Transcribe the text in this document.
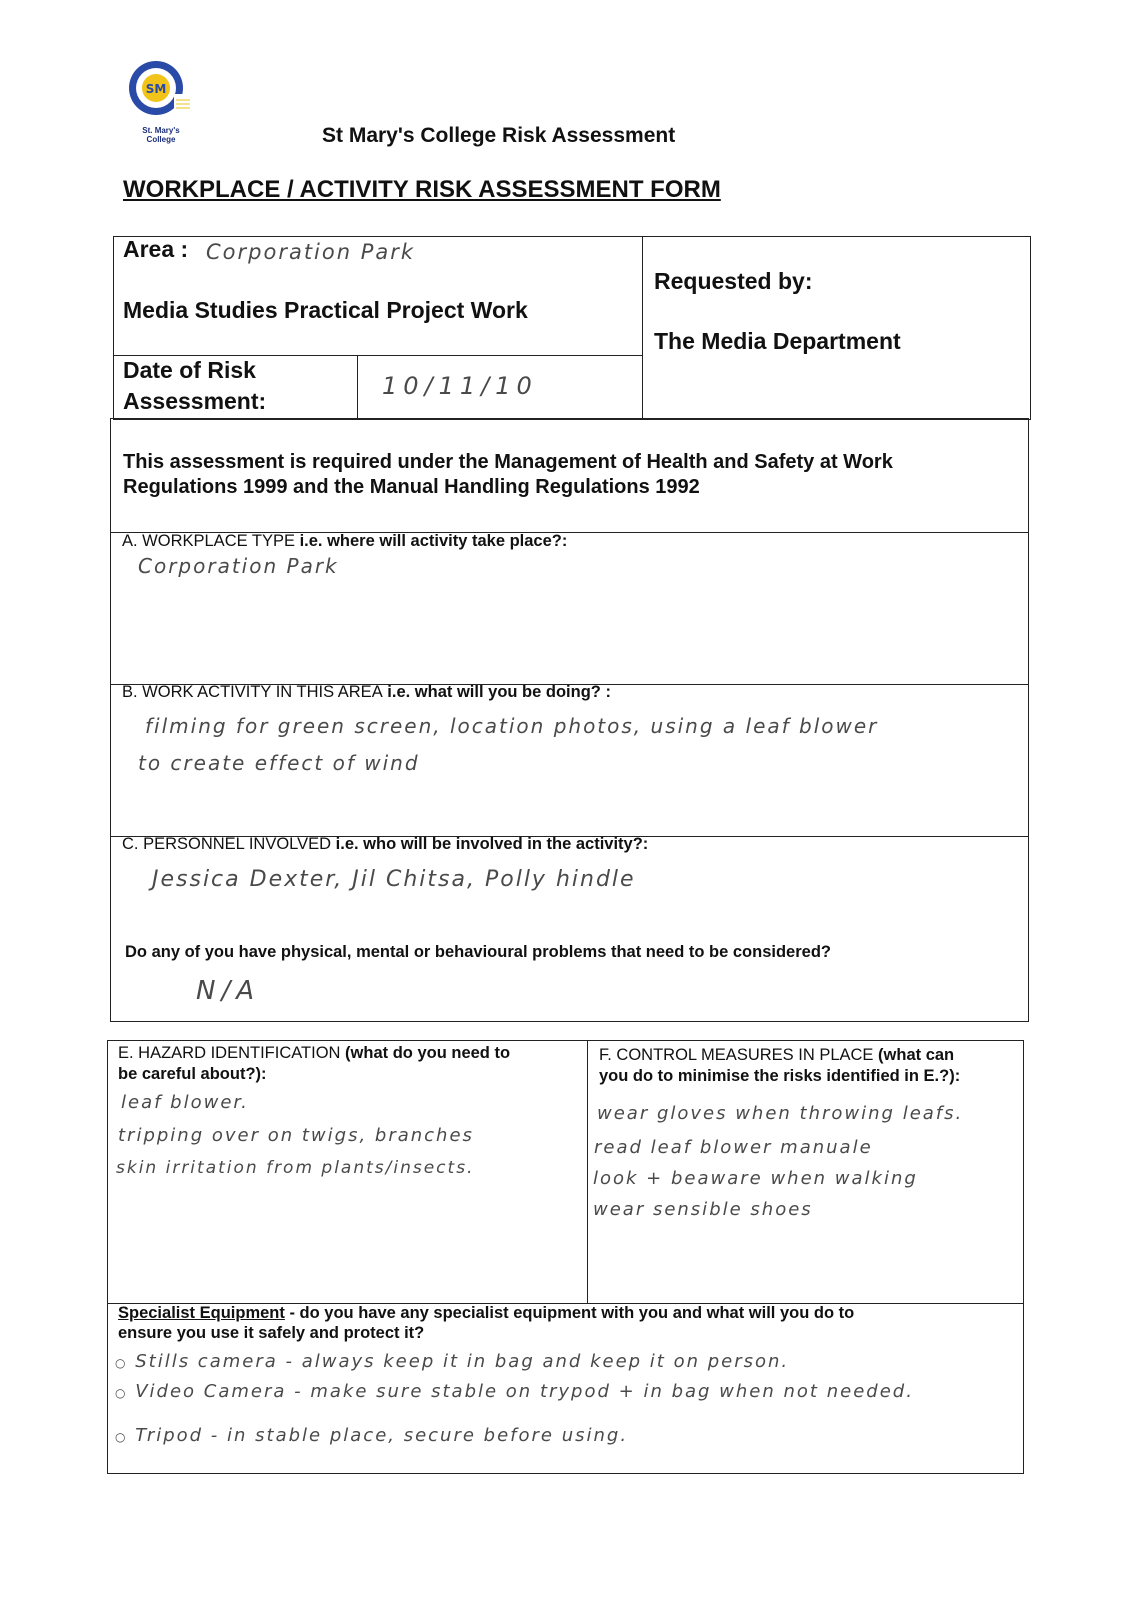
SM
St. Mary's College	St Mary's College Risk Assessment
WORKPLACE / ACTIVITY RISK ASSESSMENT FORM
Area : Corporation Park
Media Studies Practical Project Work
Requested by:
The Media Department
Date of Risk
Assessment:
10/11/10
This assessment is required under the Management of Health and Safety at Work
Regulations 1999 and the Manual Handling Regulations 1992
A. WORKPLACE TYPE i.e. where will activity take place?:
Corporation Park
B. WORK ACTIVITY IN THIS AREA i.e. what will you be doing? :
filming for green screen, location photos, using a leaf blower
to create effect of wind
C. PERSONNEL INVOLVED i.e. who will be involved in the activity?:
Jessica Dexter, Jil Chitsa, Polly hindle
Do any of you have physical, mental or behavioural problems that need to be considered?
N/A
E. HAZARD IDENTIFICATION (what do you need to
be careful about?):
leaf blower.
tripping over on twigs, branches
skin irritation from plants/insects.
F. CONTROL MEASURES IN PLACE (what can
you do to minimise the risks identified in E.?):
wear gloves when throwing leafs.
read leaf blower manuale
look + beaware when walking
wear sensible shoes
Specialist Equipment - do you have any specialist equipment with you and what will you do to
ensure you use it safely and protect it?
○ Stills camera - always keep it in bag and keep it on person.
○ Video Camera - make sure stable on trypod + in bag when not needed.
○ Tripod - in stable place, secure before using.
